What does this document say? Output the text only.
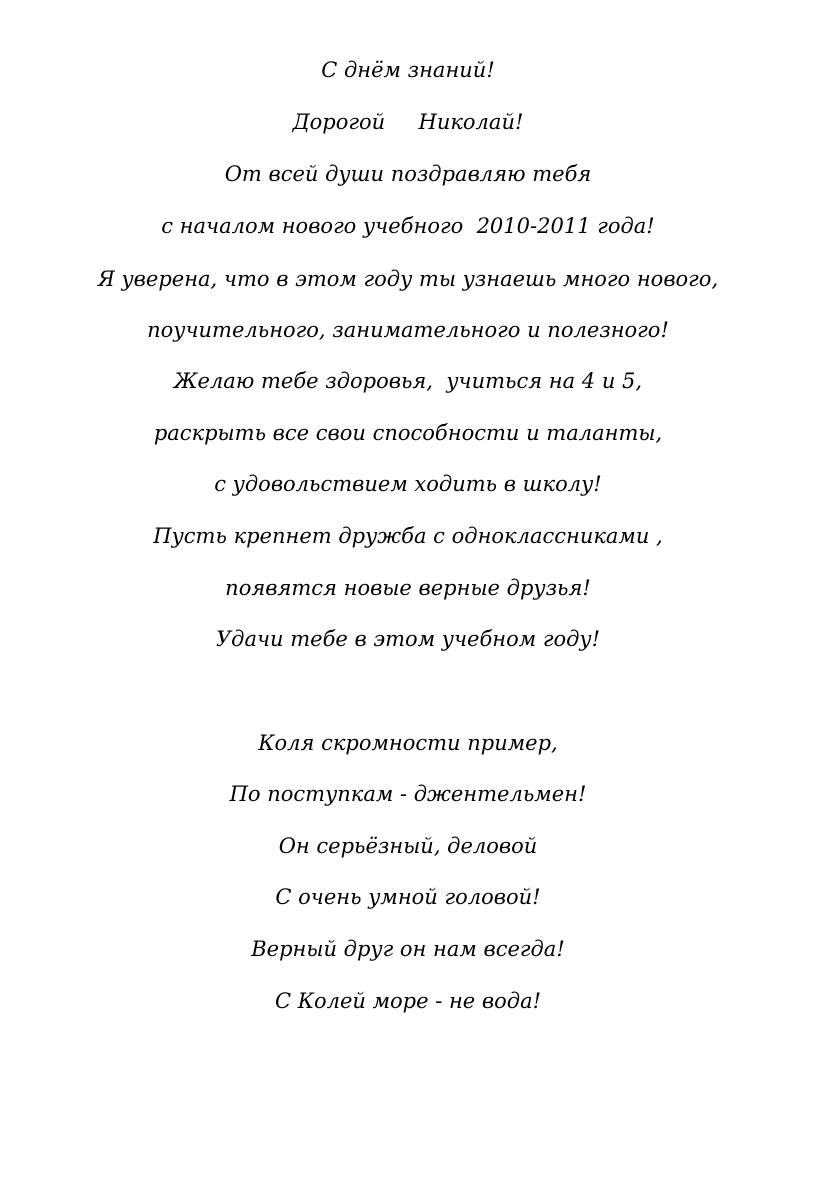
С днём знаний!
Дорогой     Николай!
От всей души поздравляю тебя
с началом нового учебного  2010-2011 года!
Я уверена, что в этом году ты узнаешь много нового,
поучительного, занимательного и полезного!
Желаю тебе здоровья,  учиться на 4 и 5,
раскрыть все свои способности и таланты,
с удовольствием ходить в школу!
Пусть крепнет дружба с одноклассниками ,
появятся новые верные друзья!
Удачи тебе в этом учебном году!
Коля скромности пример,
По поступкам - джентельмен!
Он серьёзный, деловой
С очень умной головой!
Верный друг он нам всегда!
С Колей море - не вода!
